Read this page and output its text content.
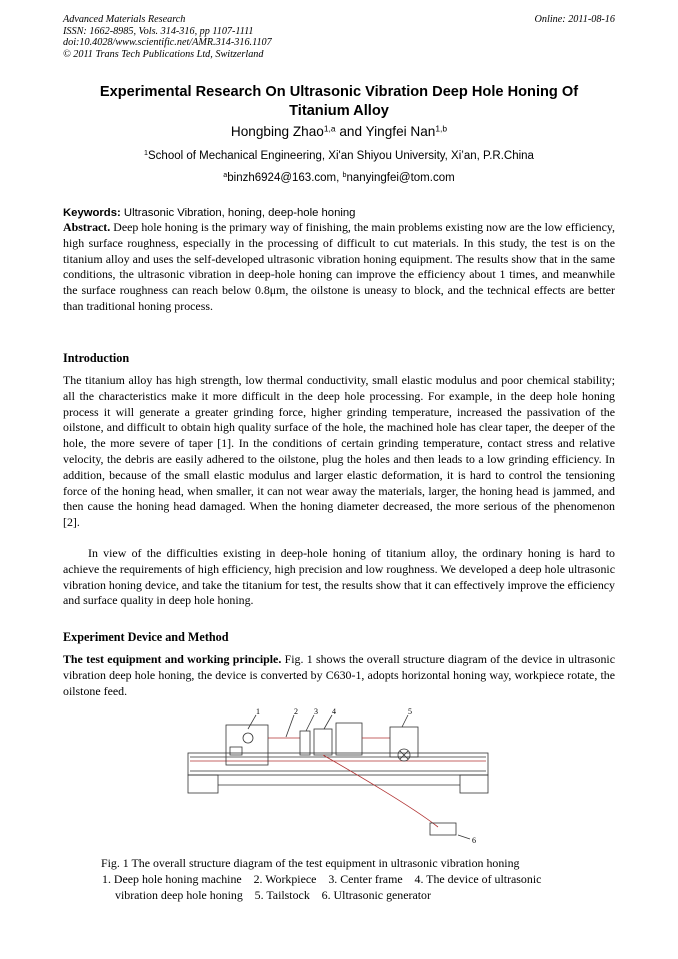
Advanced Materials Research
ISSN: 1662-8985, Vols. 314-316, pp 1107-1111
doi:10.4028/www.scientific.net/AMR.314-316.1107
© 2011 Trans Tech Publications Ltd, Switzerland
Online: 2011-08-16
Experimental Research On Ultrasonic Vibration Deep Hole Honing Of
Titanium Alloy
Hongbing Zhao$^{1,a}$ and Yingfei Nan$^{1,b}$
$^1$School of Mechanical Engineering, Xi'an Shiyou University, Xi’an, P.R.China
$^a$binzh6924@163.com, $^b$nanyingfei@tom.com
Keywords: Ultrasonic Vibration, honing, deep-hole honing

Abstract. Deep hole honing is the primary way of finishing, the main problems existing now are the low efficiency, high surface roughness, especially in the processing of difficult to cut materials. In this study, the test is on the titanium alloy and uses the self-developed ultrasonic vibration honing equipment. The results show that in the same conditions, the ultrasonic vibration in deep-hole honing can improve the efficiency about 1 times, and meanwhile the surface roughness can reach below 0.8μm, the oilstone is uneasy to block, and the technical effects are better than traditional honing process.

Introduction

The titanium alloy has high strength, low thermal conductivity, small elastic modulus and poor chemical stability; all the characteristics make it more difficult in the deep hole processing. For example, in the deep hole honing process it will generate a greater grinding force, higher grinding temperature, increased the passivation of the oilstone, and difficult to obtain high quality surface of the hole, the machined hole has clear taper, the deeper of the hole, the more severe of taper [1]. In the conditions of certain grinding temperature, contact stress and relative velocity, the debris are easily adhered to the oilstone, plug the holes and then leads to a low grinding efficiency. In addition, because of the small elastic modulus and larger elastic deformation, it is hard to control the tensioning force of the honing head, when smaller, it can not wear away the materials, larger, the honing head is jammed, and then cause the honing head damaged. When the honing diameter decreased, the more serious of the phenomenon [2].

In view of the difficulties existing in deep-hole honing of titanium alloy, the ordinary honing is hard to achieve the requirements of high efficiency, high precision and low roughness. We developed a deep hole ultrasonic vibration honing device, and take the titanium for test, the results show that it can effectively improve the efficiency and surface quality in deep hole honing.

Experiment Device and Method

The test equipment and working principle. Fig. 1 shows the overall structure diagram of the device in ultrasonic vibration deep hole honing, the device is converted by C630-1, adopts horizontal honing way, workpiece rotate, the oilstone feed.

1	2 3 4	5
6
Fig. 1 The overall structure diagram of the test equipment in ultrasonic vibration honing
1. Deep hole honing machine    2. Workpiece    3. Center frame    4. The device of ultrasonic
vibration deep hole honing    5. Tailstock    6. Ultrasonic generator
